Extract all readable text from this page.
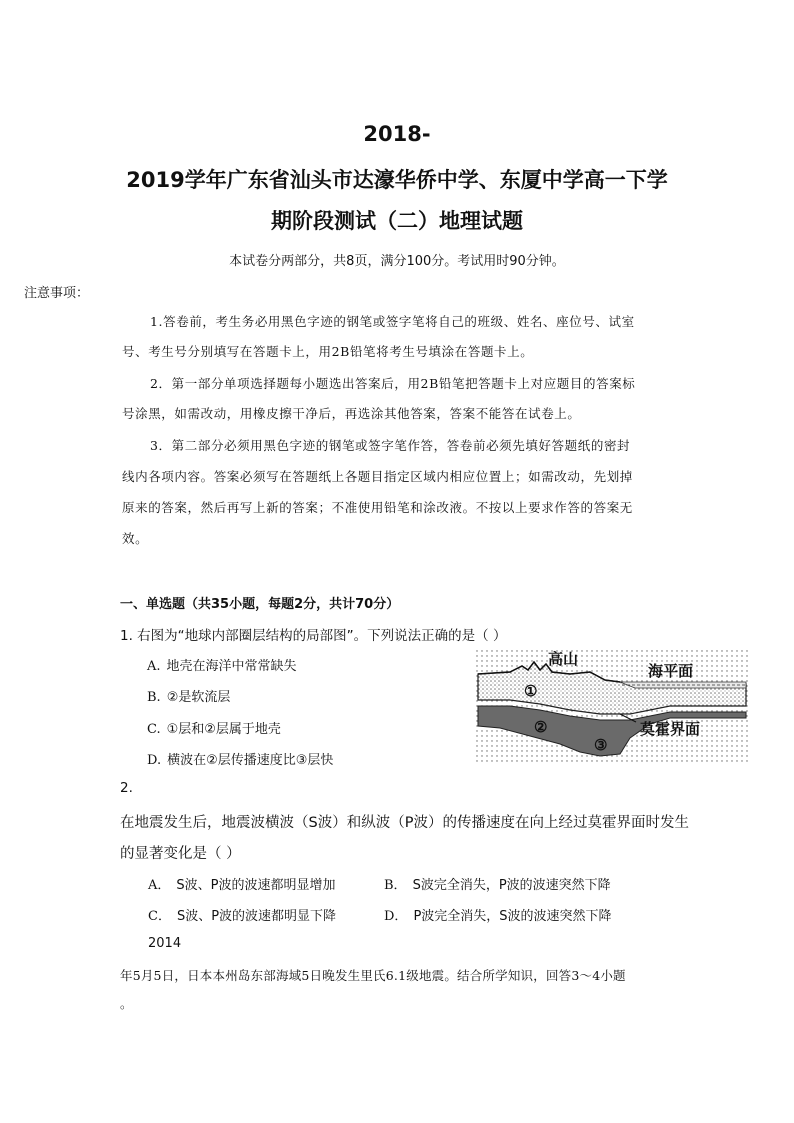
2018-
2019学年广东省汕头市达濠华侨中学、东厦中学高一下学
期阶段测试（二）地理试题
本试卷分两部分，共8页，满分100分。考试用时90分钟。
注意事项：
1.答卷前，考生务必用黑色字迹的钢笔或签字笔将自己的班级、姓名、座位号、试室
号、考生号分别填写在答题卡上，用2B铅笔将考生号填涂在答题卡上。
2．第一部分单项选择题每小题选出答案后，用2B铅笔把答题卡上对应题目的答案标
号涂黑，如需改动，用橡皮擦干净后，再选涂其他答案，答案不能答在试卷上。
3．第二部分必须用黑色字迹的钢笔或签字笔作答，答卷前必须先填好答题纸的密封
线内各项内容。答案必须写在答题纸上各题目指定区域内相应位置上；如需改动，先划掉
原来的答案，然后再写上新的答案；不准使用铅笔和涂改液。不按以上要求作答的答案无
效。
一、单选题（共35小题，每题2分，共计70分）
1. 右图为“地球内部圈层结构的局部图”。下列说法正确的是（ ）
A. 地壳在海洋中常常缺失
B. ②是软流层
C. ①层和②层属于地壳
D. 横波在②层传播速度比③层快
高山
海平面
莫霍界面
①
②
③
2.
在地震发生后，地震波横波（S波）和纵波（P波）的传播速度在向上经过莫霍界面时发生
的显著变化是（ ）
A． S波、P波的波速都明显增加	B． S波完全消失，P波的波速突然下降
C． S波、P波的波速都明显下降	D． P波完全消失，S波的波速突然下降
2014
年5月5日，日本本州岛东部海域5日晚发生里氏6.1级地震。结合所学知识，回答3～4小题
。
